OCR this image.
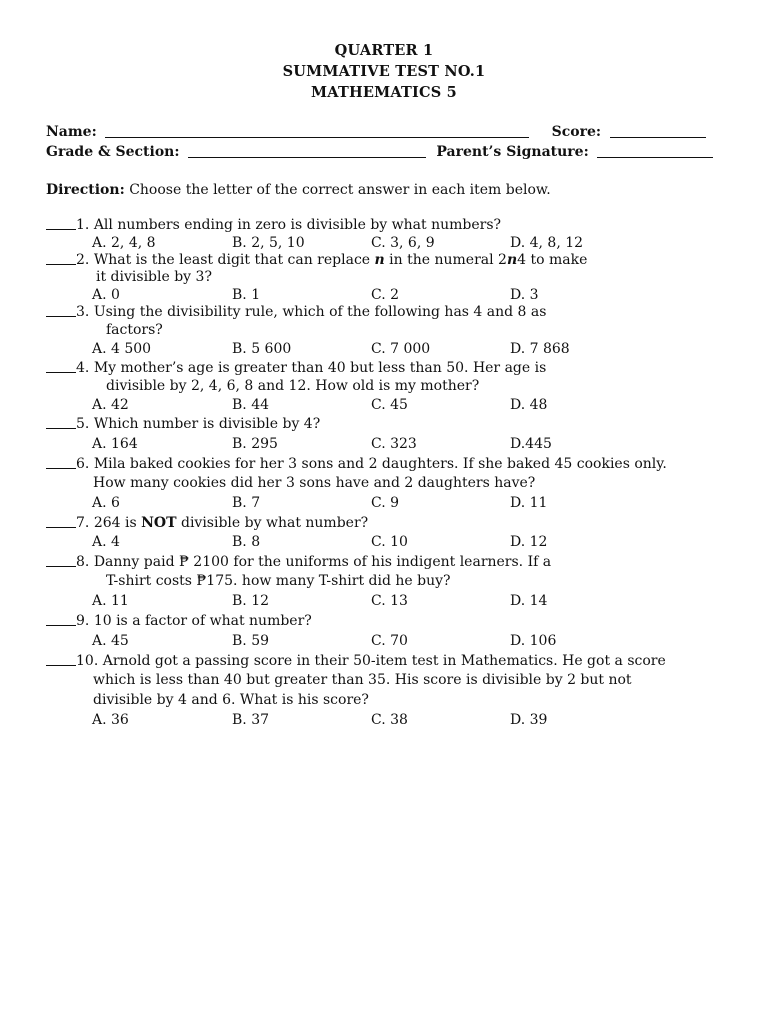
QUARTER 1
SUMMATIVE TEST NO.1
MATHEMATICS 5
Name:	Score:
Grade & Section:	Parent’s Signature:
Direction: Choose the letter of the correct answer in each item below.
1. All numbers ending in zero is divisible by what numbers?
A. 2, 4, 8	B. 2, 5, 10	C. 3, 6, 9	D. 4, 8, 12
2. What is the least digit that can replace n in the numeral 2n4 to make
it divisible by 3?
A. 0	B. 1	C. 2	D. 3
3. Using the divisibility rule, which of the following has 4 and 8 as
factors?
A. 4 500	B. 5 600	C. 7 000	D. 7 868
4. My mother’s age is greater than 40 but less than 50. Her age is
divisible by 2, 4, 6, 8 and 12. How old is my mother?
A. 42	B. 44	C. 45	D. 48
5. Which number is divisible by 4?
A. 164	B. 295	C. 323	D.445
6. Mila baked cookies for her 3 sons and 2 daughters. If she baked 45 cookies only.
How many cookies did her 3 sons have and 2 daughters have?
A. 6	B. 7	C. 9	D. 11
7. 264 is NOT divisible by what number?
A. 4	B. 8	C. 10	D. 12
8. Danny paid ₱ 2100 for the uniforms of his indigent learners. If a
T-shirt costs ₱175. how many T-shirt did he buy?
A. 11	B. 12	C. 13	D. 14
9. 10 is a factor of what number?
A. 45	B. 59	C. 70	D. 106
10. Arnold got a passing score in their 50-item test in Mathematics. He got a score
which is less than 40 but greater than 35. His score is divisible by 2 but not
divisible by 4 and 6. What is his score?
A. 36	B. 37	C. 38	D. 39
